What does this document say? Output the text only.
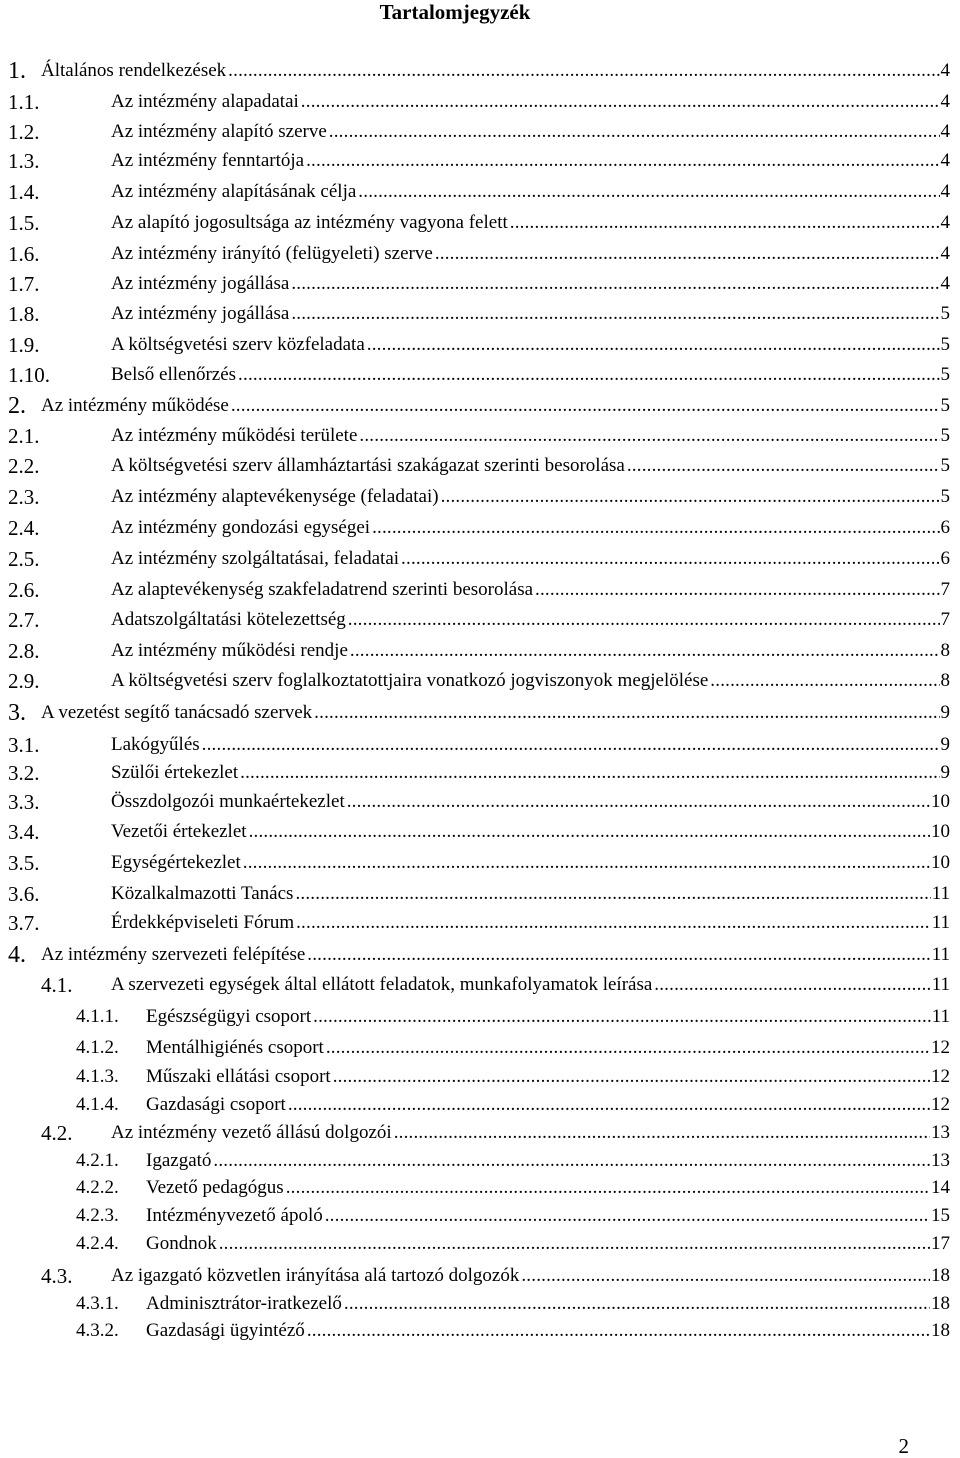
Tartalomjegyzék
1. Általános rendelkezések .....	4
1.1.	Az intézmény alapadatai .....	4
1.2.	Az intézmény alapító szerve .....	4
1.3.	Az intézmény fenntartója .....	4
1.4.	Az intézmény alapításának célja .....	4
1.5.	Az alapító jogosultsága az intézmény vagyona felett .....	4
1.6.	Az intézmény irányító (felügyeleti) szerve .....	4
1.7.	Az intézmény jogállása .....	4
1.8.	Az intézmény jogállása .....	5
1.9.	A költségvetési szerv közfeladata .....	5
1.10.	Belső ellenőrzés .....	5
2. Az intézmény működése .....	5
2.1.	Az intézmény működési területe .....	5
2.2.	A költségvetési szerv államháztartási szakágazat szerinti besorolása .....	5
2.3.	Az intézmény alaptevékenysége (feladatai) .....	5
2.4.	Az intézmény gondozási egységei .....	6
2.5.	Az intézmény szolgáltatásai, feladatai .....	6
2.6.	Az alaptevékenység szakfeladatrend szerinti besorolása .....	7
2.7.	Adatszolgáltatási kötelezettség .....	7
2.8.	Az intézmény működési rendje .....	8
2.9.	A költségvetési szerv foglalkoztatottjaira vonatkozó jogviszonyok megjelölése .....	8
3. A vezetést segítő tanácsadó szervek .....	9
3.1.	Lakógyűlés .....	9
3.2.	Szülői értekezlet .....	9
3.3.	Összdolgozói munkaértekezlet .....	10
3.4.	Vezetői értekezlet .....	10
3.5.	Egységértekezlet .....	10
3.6.	Közalkalmazotti Tanács .....	11
3.7.	Érdekképviseleti Fórum .....	11
4. Az intézmény szervezeti felépítése .....	11
4.1. A szervezeti egységek által ellátott feladatok, munkafolyamatok leírása .....	11
4.1.1. Egészségügyi csoport .....	11
4.1.2. Mentálhigiénés csoport .....	12
4.1.3. Műszaki ellátási csoport .....	12
4.1.4. Gazdasági csoport .....	12
4.2. Az intézmény vezető állású dolgozói .....	13
4.2.1. Igazgató .....	13
4.2.2. Vezető pedagógus .....	14
4.2.3. Intézményvezető ápoló .....	15
4.2.4. Gondnok .....	17
4.3. Az igazgató közvetlen irányítása alá tartozó dolgozók .....	18
4.3.1. Adminisztrátor-iratkezelő .....	18
4.3.2. Gazdasági ügyintéző .....	18
2
